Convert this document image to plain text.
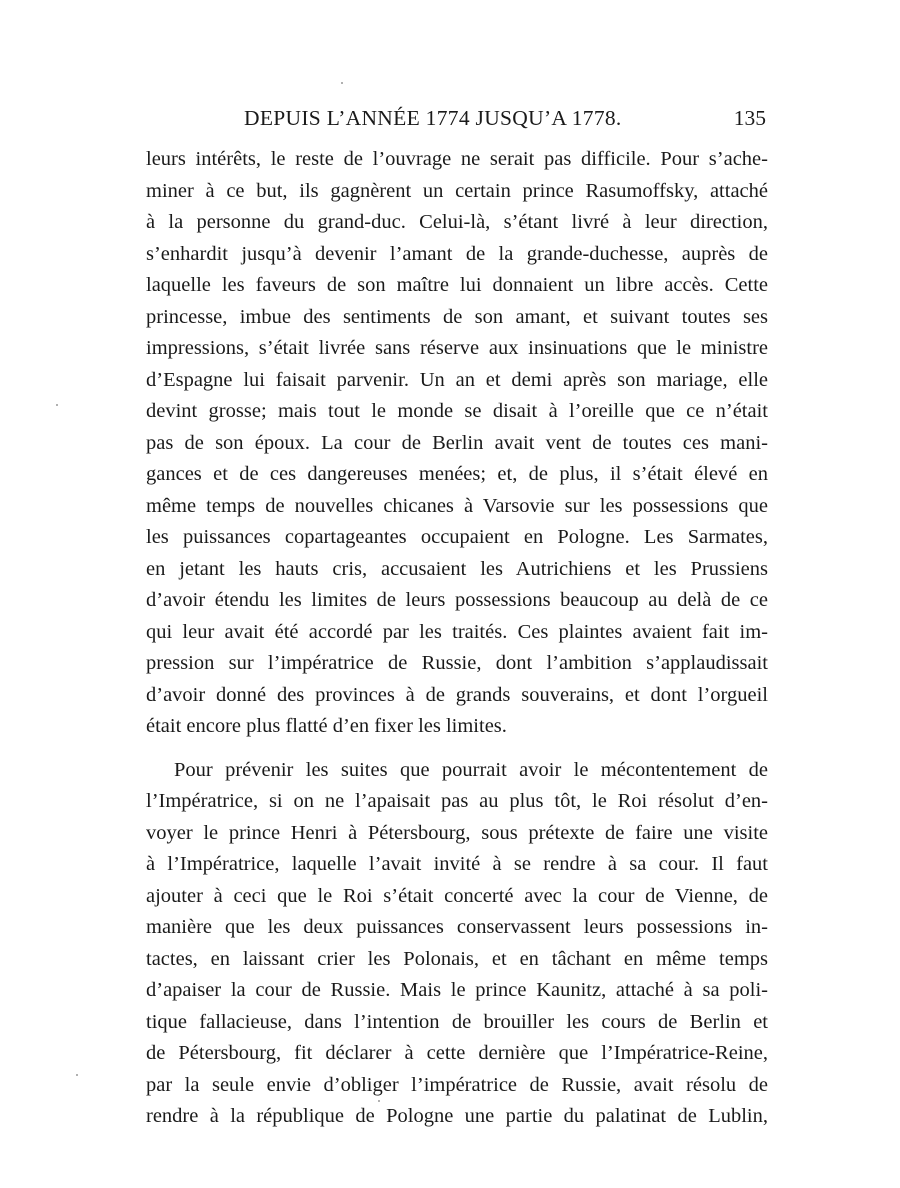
DEPUIS L’ANNÉE 1774 JUSQU’A 1778.	135
leurs intérêts, le reste de l’ouvrage ne serait pas difficile. Pour s’ache-
miner à ce but, ils gagnèrent un certain prince Rasumoffsky, attaché
à la personne du grand-duc. Celui-là, s’étant livré à leur direction,
s’enhardit jusqu’à devenir l’amant de la grande-duchesse, auprès de
laquelle les faveurs de son maître lui donnaient un libre accès. Cette
princesse, imbue des sentiments de son amant, et suivant toutes ses
impressions, s’était livrée sans réserve aux insinuations que le ministre
d’Espagne lui faisait parvenir. Un an et demi après son mariage, elle
devint grosse; mais tout le monde se disait à l’oreille que ce n’était
pas de son époux. La cour de Berlin avait vent de toutes ces mani-
gances et de ces dangereuses menées; et, de plus, il s’était élevé en
même temps de nouvelles chicanes à Varsovie sur les possessions que
les puissances copartageantes occupaient en Pologne. Les Sarmates,
en jetant les hauts cris, accusaient les Autrichiens et les Prussiens
d’avoir étendu les limites de leurs possessions beaucoup au delà de ce
qui leur avait été accordé par les traités. Ces plaintes avaient fait im-
pression sur l’impératrice de Russie, dont l’ambition s’applaudissait
d’avoir donné des provinces à de grands souverains, et dont l’orgueil
était encore plus flatté d’en fixer les limites.
Pour prévenir les suites que pourrait avoir le mécontentement de
l’Impératrice, si on ne l’apaisait pas au plus tôt, le Roi résolut d’en-
voyer le prince Henri à Pétersbourg, sous prétexte de faire une visite
à l’Impératrice, laquelle l’avait invité à se rendre à sa cour. Il faut
ajouter à ceci que le Roi s’était concerté avec la cour de Vienne, de
manière que les deux puissances conservassent leurs possessions in-
tactes, en laissant crier les Polonais, et en tâchant en même temps
d’apaiser la cour de Russie. Mais le prince Kaunitz, attaché à sa poli-
tique fallacieuse, dans l’intention de brouiller les cours de Berlin et
de Pétersbourg, fit déclarer à cette dernière que l’Impératrice-Reine,
par la seule envie d’obliger l’impératrice de Russie, avait résolu de
rendre à la république de Pologne une partie du palatinat de Lublin,
